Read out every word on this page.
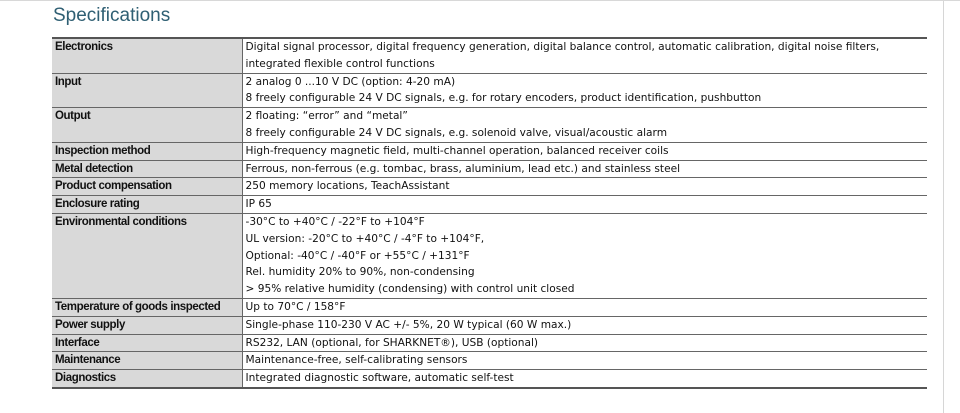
Specifications
Electronics	Digital signal processor, digital frequency generation, digital balance control, automatic calibration, digital noise filters,
integrated flexible control functions

Input	2 analog 0 ...10 V DC (option: 4-20 mA)
8 freely configurable 24 V DC signals, e.g. for rotary encoders, product identification, pushbutton

Output	2 floating: “error” and “metal”
8 freely configurable 24 V DC signals, e.g. solenoid valve, visual/acoustic alarm

Inspection method	High-frequency magnetic field, multi-channel operation, balanced receiver coils

Metal detection	Ferrous, non-ferrous (e.g. tombac, brass, aluminium, lead etc.) and stainless steel

Product compensation	250 memory locations, TeachAssistant

Enclosure rating	IP 65

Environmental conditions	-30°C to +40°C / -22°F to +104°F
UL version: -20°C to +40°C / -4°F to +104°F,
Optional: -40°C / -40°F or +55°C / +131°F
Rel. humidity 20% to 90%, non-condensing
> 95% relative humidity (condensing) with control unit closed

Temperature of goods inspected	Up to 70°C / 158°F

Power supply	Single-phase 110-230 V AC +/- 5%, 20 W typical (60 W max.)

Interface	RS232, LAN (optional, for SHARKNET®), USB (optional)

Maintenance	Maintenance-free, self-calibrating sensors

Diagnostics	Integrated diagnostic software, automatic self-test
